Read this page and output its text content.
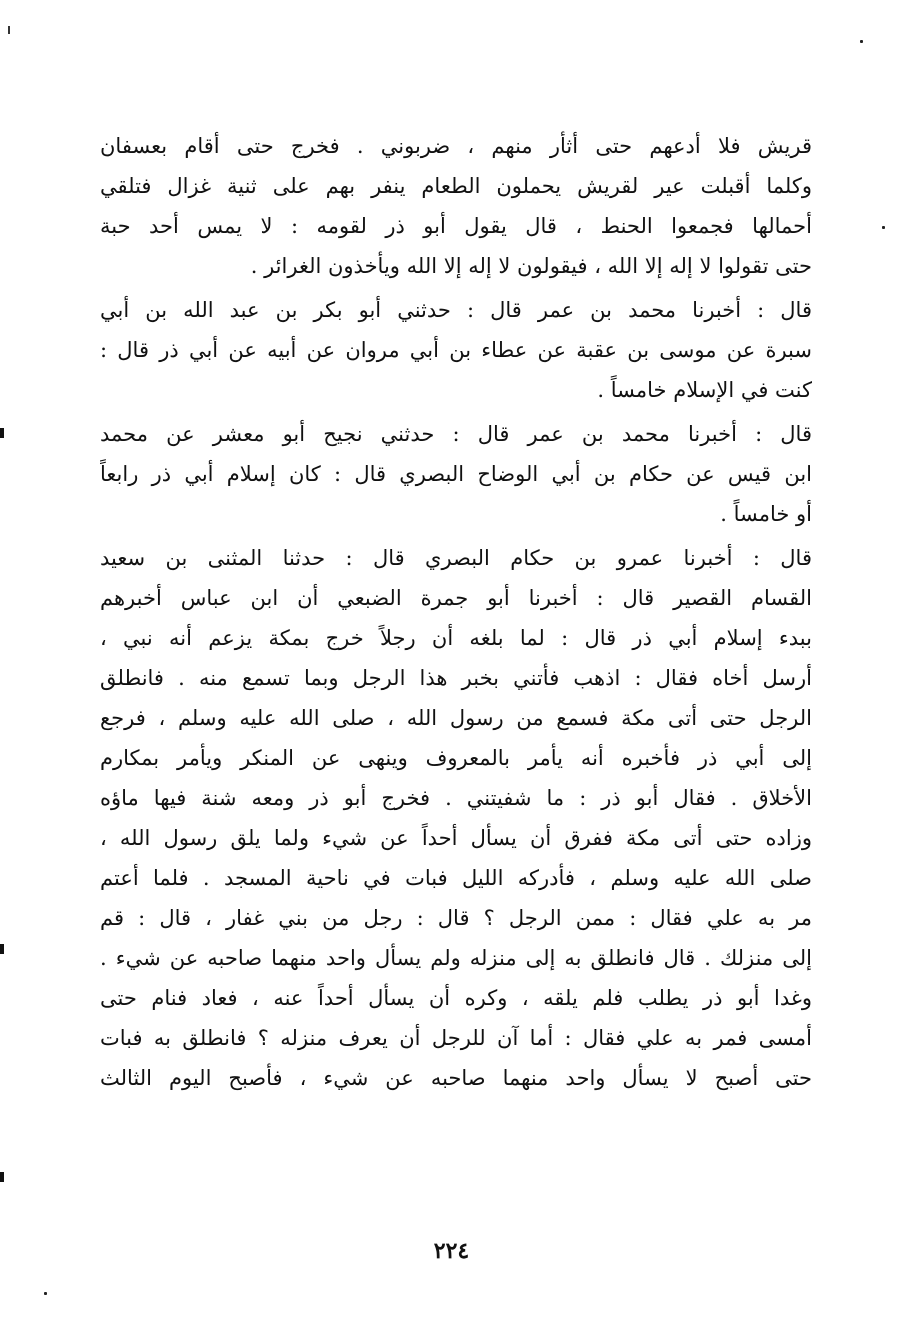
قريش فلا أدعهم حتى أثأر منهم ، ضربوني . فخرج حتى أقام بعسفان
وكلما أقبلت عير لقريش يحملون الطعام ينفر بهم على ثنية غزال فتلقي
أحمالها فجمعوا الحنط ، قال يقول أبو ذر لقومه : لا يمس أحد حبة
حتى تقولوا لا إله إلا الله ، فيقولون لا إله إلا الله ويأخذون الغرائر .
قال : أخبرنا محمد بن عمر قال : حدثني أبو بكر بن عبد الله بن أبي
سبرة عن موسى بن عقبة عن عطاء بن أبي مروان عن أبيه عن أبي ذر قال :
كنت في الإسلام خامساً .
قال : أخبرنا محمد بن عمر قال : حدثني نجيح أبو معشر عن محمد
ابن قيس عن حكام بن أبي الوضاح البصري قال : كان إسلام أبي ذر رابعاً
أو خامساً .
قال : أخبرنا عمرو بن حكام البصري قال : حدثنا المثنى بن سعيد
القسام القصير قال : أخبرنا أبو جمرة الضبعي أن ابن عباس أخبرهم
ببدء إسلام أبي ذر قال : لما بلغه أن رجلاً خرج بمكة يزعم أنه نبي ،
أرسل أخاه فقال : اذهب فأتني بخبر هذا الرجل وبما تسمع منه . فانطلق
الرجل حتى أتى مكة فسمع من رسول الله ، صلى الله عليه وسلم ، فرجع
إلى أبي ذر فأخبره أنه يأمر بالمعروف وينهى عن المنكر ويأمر بمكارم
الأخلاق . فقال أبو ذر : ما شفيتني . فخرج أبو ذر ومعه شنة فيها ماؤه
وزاده حتى أتى مكة ففرق أن يسأل أحداً عن شيء ولما يلق رسول الله ،
صلى الله عليه وسلم ، فأدركه الليل فبات في ناحية المسجد . فلما أعتم
مر به علي فقال : ممن الرجل ؟ قال : رجل من بني غفار ، قال : قم
إلى منزلك . قال فانطلق به إلى منزله ولم يسأل واحد منهما صاحبه عن شيء .
وغدا أبو ذر يطلب فلم يلقه ، وكره أن يسأل أحداً عنه ، فعاد فنام حتى
أمسى فمر به علي فقال : أما آن للرجل أن يعرف منزله ؟ فانطلق به فبات
حتى أصبح لا يسأل واحد منهما صاحبه عن شيء ، فأصبح اليوم الثالث
٢٢٤
